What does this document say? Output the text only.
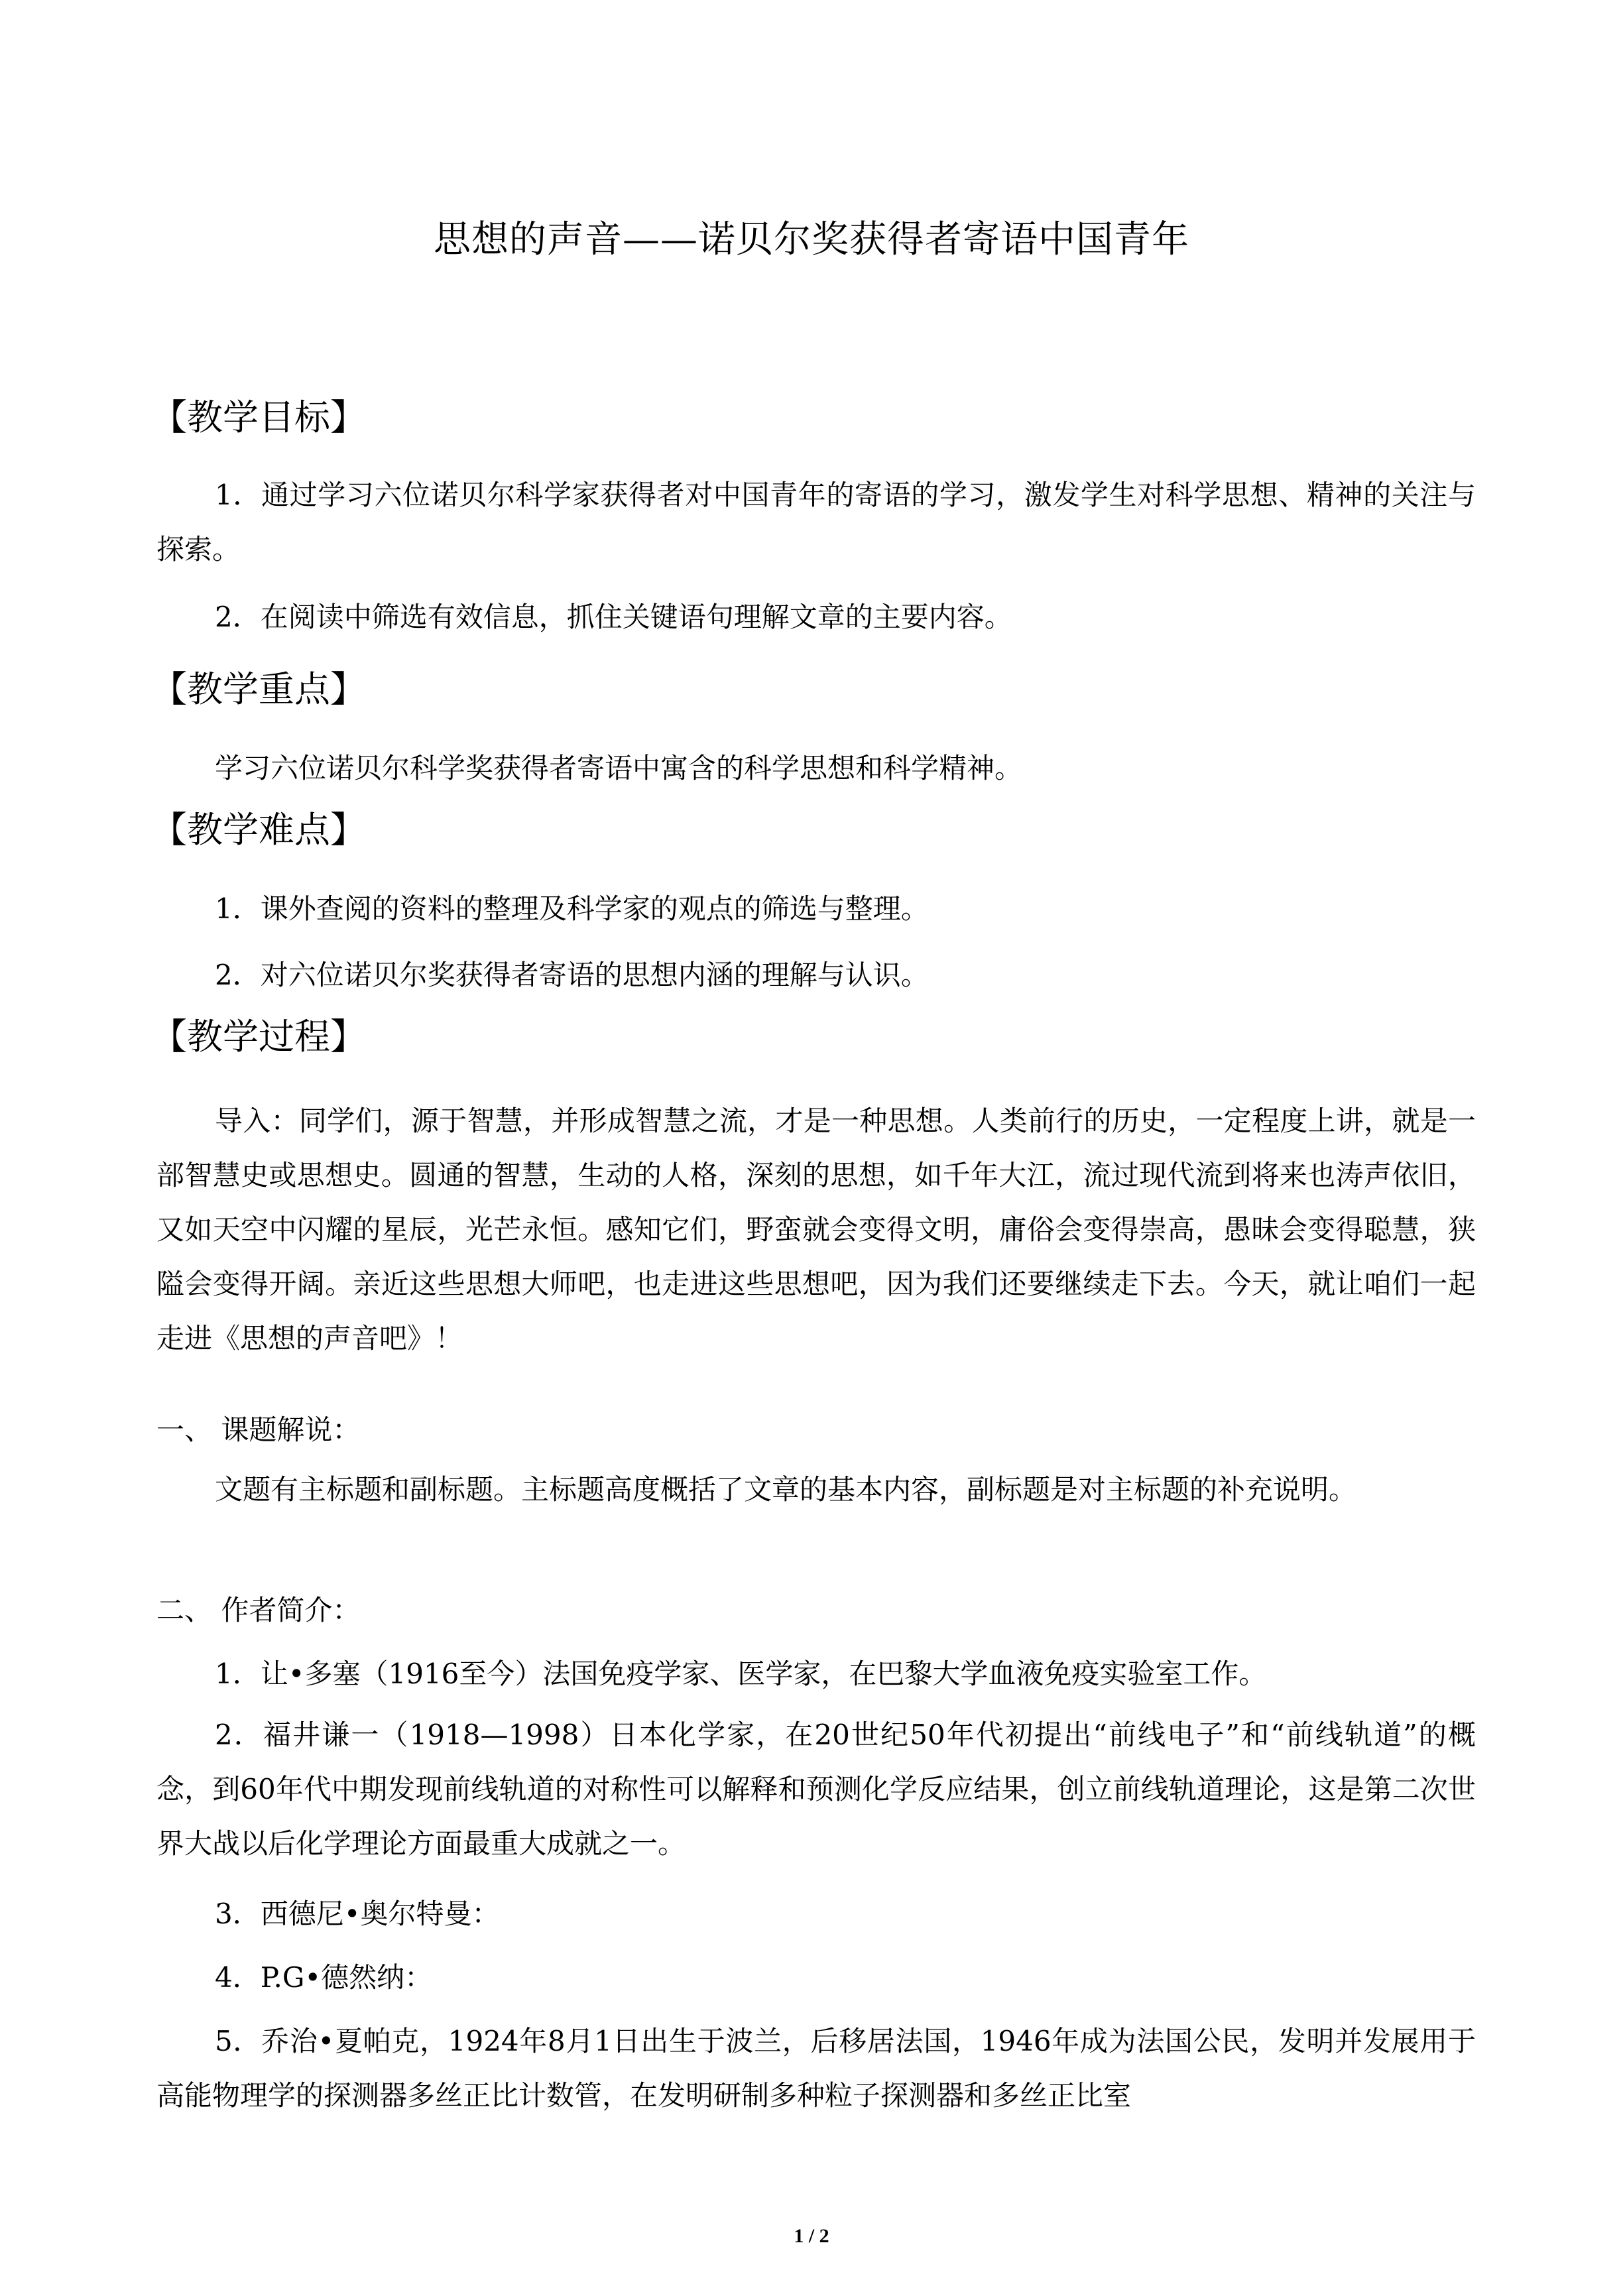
思想的声音——诺贝尔奖获得者寄语中国青年
【教学目标】
1．通过学习六位诺贝尔科学家获得者对中国青年的寄语的学习，激发学生对科学思想、精神的关注与探索。
2．在阅读中筛选有效信息，抓住关键语句理解文章的主要内容。
【教学重点】
学习六位诺贝尔科学奖获得者寄语中寓含的科学思想和科学精神。
【教学难点】
1．课外查阅的资料的整理及科学家的观点的筛选与整理。
2．对六位诺贝尔奖获得者寄语的思想内涵的理解与认识。
【教学过程】
导入：同学们，源于智慧，并形成智慧之流，才是一种思想。人类前行的历史，一定程度上讲，就是一部智慧史或思想史。圆通的智慧，生动的人格，深刻的思想，如千年大江，流过现代流到将来也涛声依旧，又如天空中闪耀的星辰，光芒永恒。感知它们，野蛮就会变得文明，庸俗会变得崇高，愚昧会变得聪慧，狭隘会变得开阔。亲近这些思想大师吧，也走进这些思想吧，因为我们还要继续走下去。今天，就让咱们一起走进《思想的声音吧》！
一、 课题解说：
文题有主标题和副标题。主标题高度概括了文章的基本内容，副标题是对主标题的补充说明。
二、 作者简介：
1．让•多塞（1916至今）法国免疫学家、医学家，在巴黎大学血液免疫实验室工作。
2．福井谦一（1918—1998）日本化学家，在20世纪50年代初提出“前线电子”和“前线轨道”的概念，到60年代中期发现前线轨道的对称性可以解释和预测化学反应结果，创立前线轨道理论，这是第二次世界大战以后化学理论方面最重大成就之一。
3．西德尼•奥尔特曼：
4．P.G•德然纳：
5．乔治•夏帕克，1924年8月1日出生于波兰，后移居法国，1946年成为法国公民，发明并发展用于高能物理学的探测器多丝正比计数管，在发明研制多种粒子探测器和多丝正比室
1 / 2
